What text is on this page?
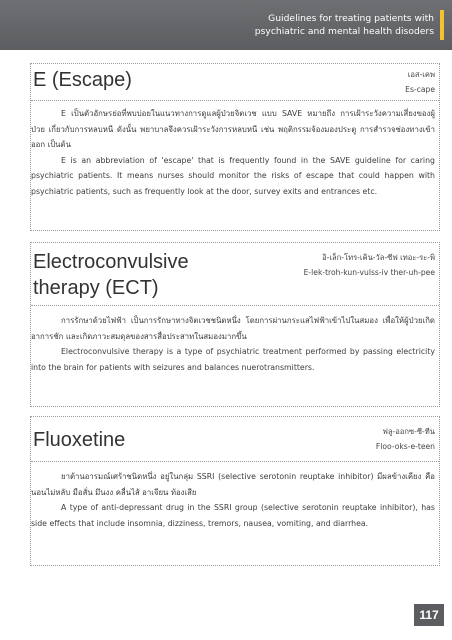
Guidelines for treating patients with
psychiatric and mental health disoders
E (Escape)	เอส-เคพ
Es-cape

E เป็นตัวอักษรย่อที่พบบ่อยในแนวทางการดูแลผู้ป่วยจิตเวช แบบ SAVE หมายถึง การเฝ้าระวังความเสี่ยงของผู้ป่วย เกี่ยวกับการหลบหนี ดังนั้น พยาบาลจึงควรเฝ้าระวังการหลบหนี เช่น พฤติกรรมจ้องมองประตู การสำรวจช่องทางเข้าออก เป็นต้น

E is an abbreviation of 'escape' that is frequently found in the SAVE guideline for caring psychiatric patients. It means nurses should monitor the risks of escape that could happen with psychiatric patients, such as frequently look at the door, survey exits and entrances etc.

Electroconvulsive
therapy (ECT)
อิ-เล็ก-โทร-เคิน-วัล-ซีฟ เทอะ-ระ-พิ
E-lek-troh-kun-vulss-iv ther-uh-pee

การรักษาด้วยไฟฟ้า เป็นการรักษาทางจิตเวชชนิดหนึ่ง โดยการผ่านกระแสไฟฟ้าเข้าไปในสมอง เพื่อให้ผู้ป่วยเกิดอาการชัก และเกิดภาวะสมดุลของสารสื่อประสาทในสมองมากขึ้น

Electroconvulsive therapy is a type of psychiatric treatment performed by passing electricity into the brain for patients with seizures and balances nuerotransmitters.

Fluoxetine	ฟลู-ออกซ-ซี-ทีน
Floo-oks-e-teen

ยาต้านอารมณ์เศร้าชนิดหนึ่ง อยู่ในกลุ่ม SSRI (selective serotonin reuptake inhibitor) มีผลข้างเคียง คือ นอนไม่หลับ มือสั่น มึนงง คลื่นไส้ อาเจียน ท้องเสีย

A type of anti-depressant drug in the SSRI group (selective serotonin reuptake inhibitor), has side effects that include insomnia, dizziness, tremors, nausea, vomiting, and diarrhea.

117
